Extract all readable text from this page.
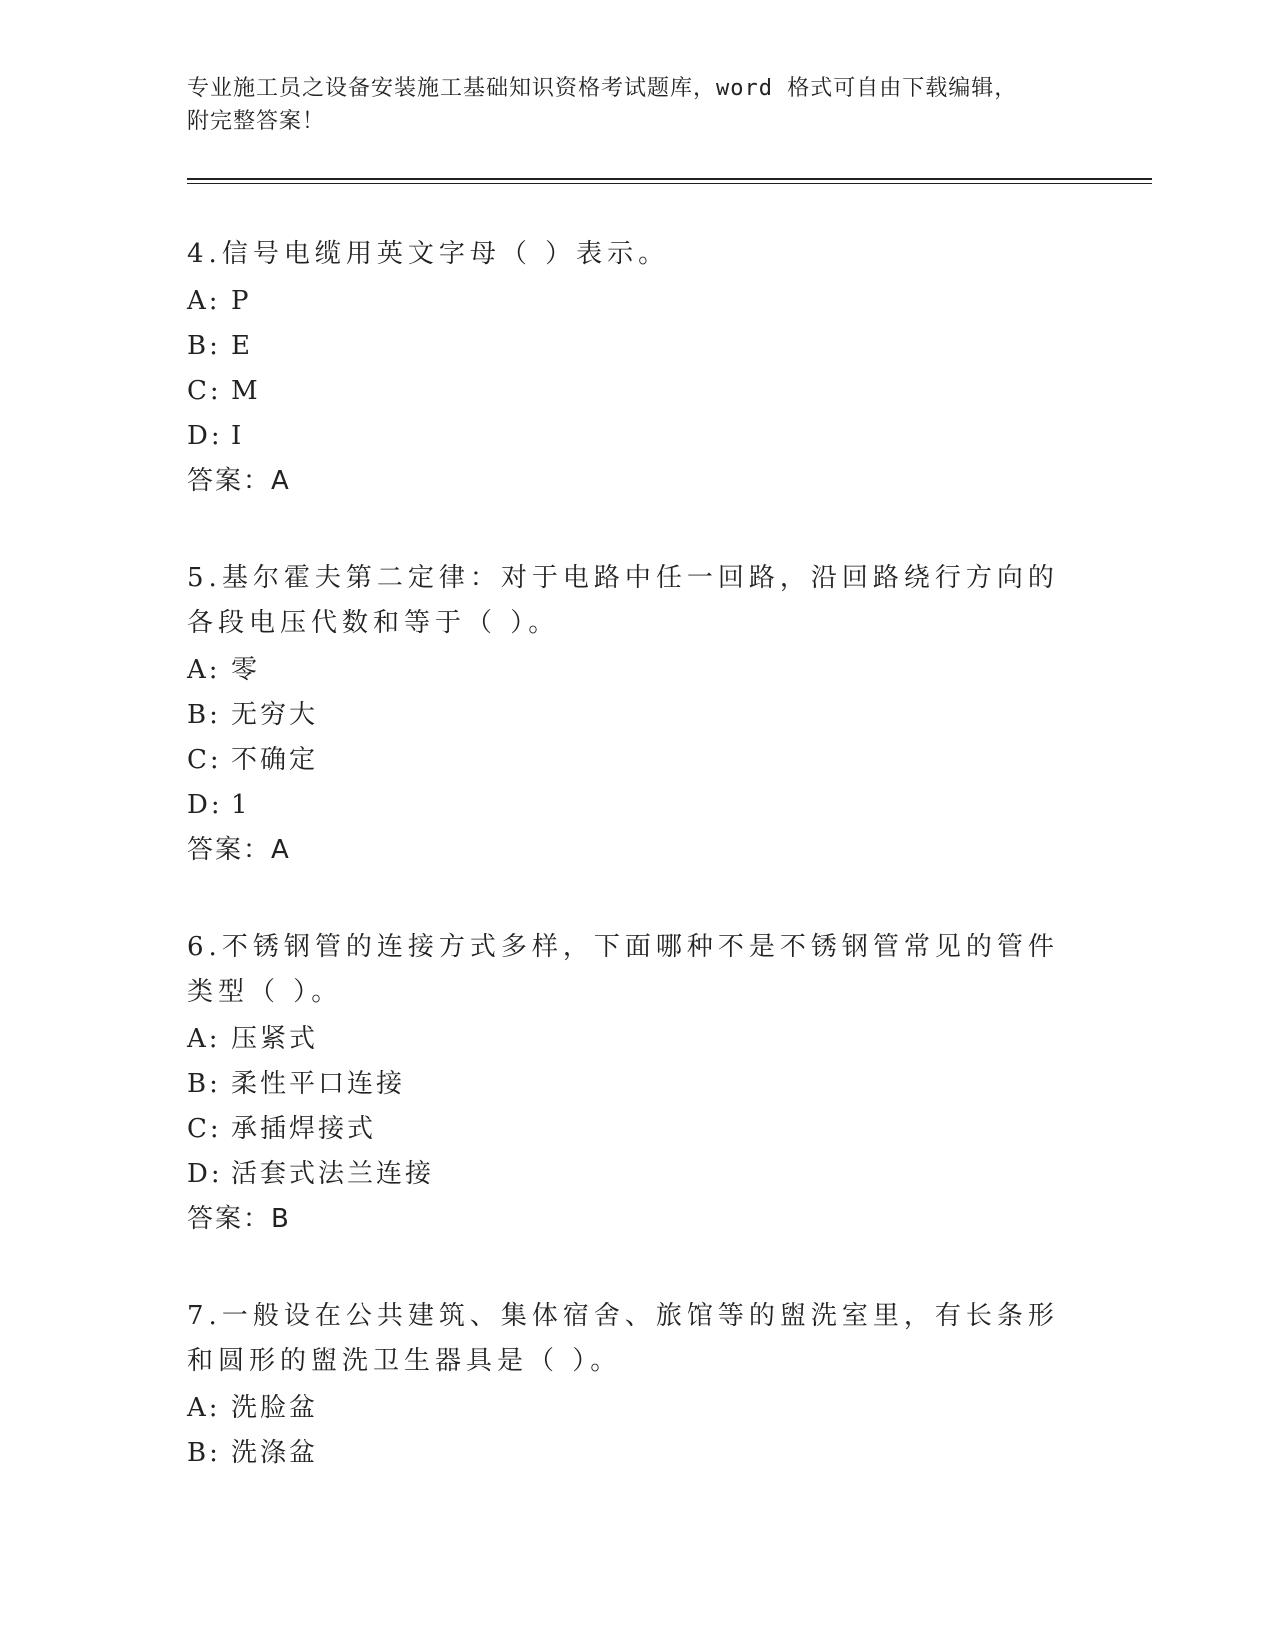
专业施工员之设备安装施工基础知识资格考试题库，word 格式可自由下载编辑，
附完整答案！
4.信号电缆用英文字母（ ）表示。
A: P
B: E
C: M
D: I
答案：A
5.基尔霍夫第二定律：对于电路中任一回路，沿回路绕行方向的各段电压代数和等于（ ）。
A: 零
B: 无穷大
C: 不确定
D: 1
答案：A
6.不锈钢管的连接方式多样，下面哪种不是不锈钢管常见的管件类型（ ）。
A: 压紧式
B: 柔性平口连接
C: 承插焊接式
D: 活套式法兰连接
答案：B
7.一般设在公共建筑、集体宿舍、旅馆等的盥洗室里，有长条形和圆形的盥洗卫生器具是（ ）。
A: 洗脸盆
B: 洗涤盆
